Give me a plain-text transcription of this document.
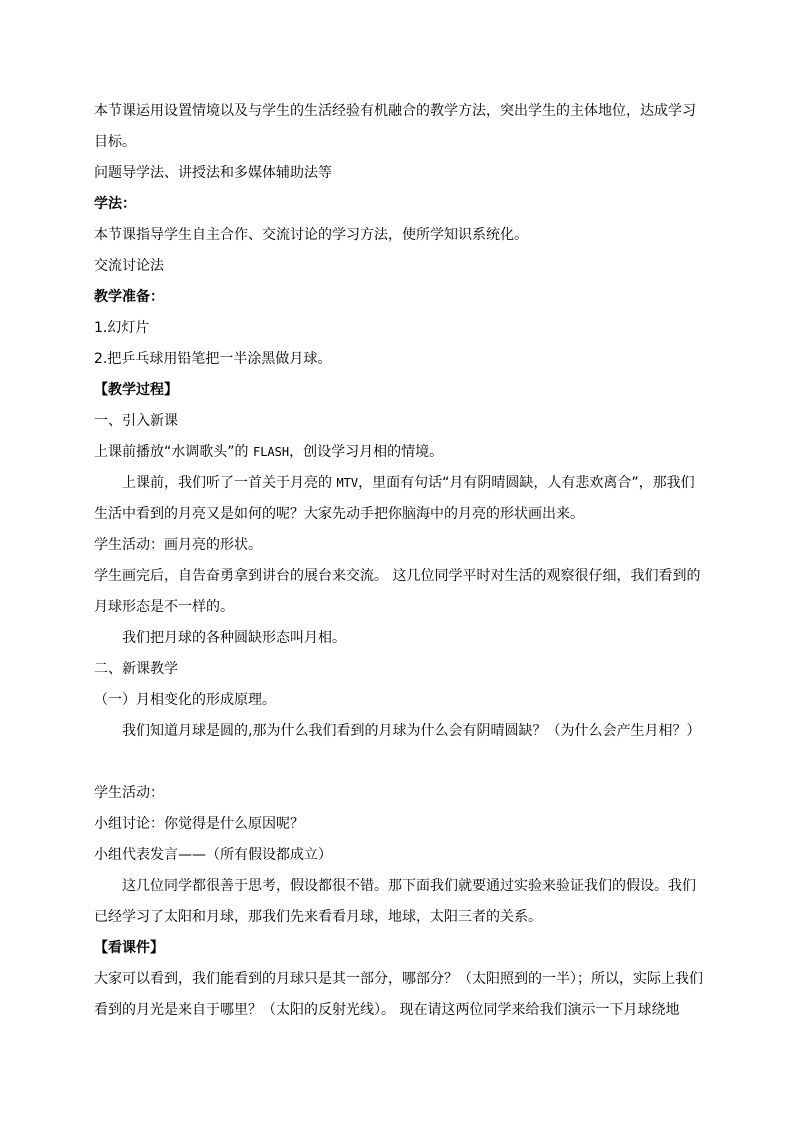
本节课运用设置情境以及与学生的生活经验有机融合的教学方法，突出学生的主体地位，达成学习目标。

问题导学法、讲授法和多媒体辅助法等

学法：

本节课指导学生自主合作、交流讨论的学习方法，使所学知识系统化。

交流讨论法

教学准备：

1.幻灯片

2.把乒乓球用铅笔把一半涂黑做月球。

【教学过程】

一、引入新课

上课前播放“水调歌头”的 FLASH，创设学习月相的情境。

上课前，我们听了一首关于月亮的 MTV，里面有句话“月有阴晴圆缺，人有悲欢离合”，那我们生活中看到的月亮又是如何的呢？大家先动手把你脑海中的月亮的形状画出来。

学生活动：画月亮的形状。

学生画完后，自告奋勇拿到讲台的展台来交流。 这几位同学平时对生活的观察很仔细，我们看到的月球形态是不一样的。

我们把月球的各种圆缺形态叫月相。

二、新课教学

（一）月相变化的形成原理。

我们知道月球是圆的,那为什么我们看到的月球为什么会有阴晴圆缺？（为什么会产生月相？）

学生活动：

小组讨论：你觉得是什么原因呢？

小组代表发言——（所有假设都成立）

这几位同学都很善于思考，假设都很不错。那下面我们就要通过实验来验证我们的假设。我们已经学习了太阳和月球，那我们先来看看月球，地球，太阳三者的关系。

【看课件】

大家可以看到，我们能看到的月球只是其一部分，哪部分？（太阳照到的一半）；所以，实际上我们看到的月光是来自于哪里？（太阳的反射光线）。 现在请这两位同学来给我们演示一下月球绕地
